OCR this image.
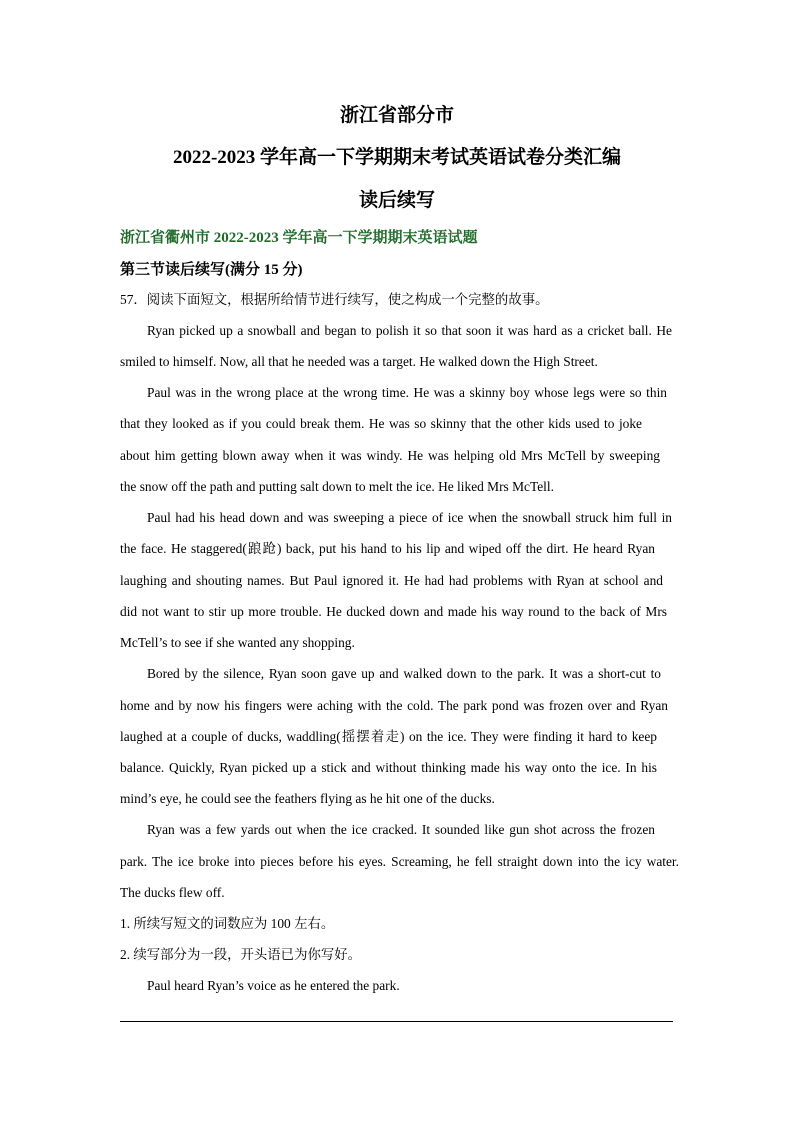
浙江省部分市
2022-2023 学年高一下学期期末考试英语试卷分类汇编
读后续写
浙江省衢州市 2022-2023 学年高一下学期期末英语试题
第三节读后续写(满分 15 分)
57．阅读下面短文，根据所给情节进行续写，使之构成一个完整的故事。
Ryan picked up a snowball and began to polish it so that soon it was hard as a cricket ball. He
smiled to himself. Now, all that he needed was a target. He walked down the High Street.
Paul was in the wrong place at the wrong time. He was a skinny boy whose legs were so thin
that they looked as if you could break them. He was so skinny that the other kids used to joke
about him getting blown away when it was windy. He was helping old Mrs McTell by sweeping
the snow off the path and putting salt down to melt the ice. He liked Mrs McTell.
Paul had his head down and was sweeping a piece of ice when the snowball struck him full in
the face. He staggered(踉跄) back, put his hand to his lip and wiped off the dirt. He heard Ryan
laughing and shouting names. But Paul ignored it. He had had problems with Ryan at school and
did not want to stir up more trouble. He ducked down and made his way round to the back of Mrs
McTell’s to see if she wanted any shopping.
Bored by the silence, Ryan soon gave up and walked down to the park. It was a short-cut to
home and by now his fingers were aching with the cold. The park pond was frozen over and Ryan
laughed at a couple of ducks, waddling(摇摆着走) on the ice. They were finding it hard to keep
balance. Quickly, Ryan picked up a stick and without thinking made his way onto the ice. In his
mind’s eye, he could see the feathers flying as he hit one of the ducks.
Ryan was a few yards out when the ice cracked. It sounded like gun shot across the frozen
park. The ice broke into pieces before his eyes. Screaming, he fell straight down into the icy water.
The ducks flew off.
1. 所续写短文的词数应为 100 左右。
2. 续写部分为一段，开头语已为你写好。
Paul heard Ryan’s voice as he entered the park.
